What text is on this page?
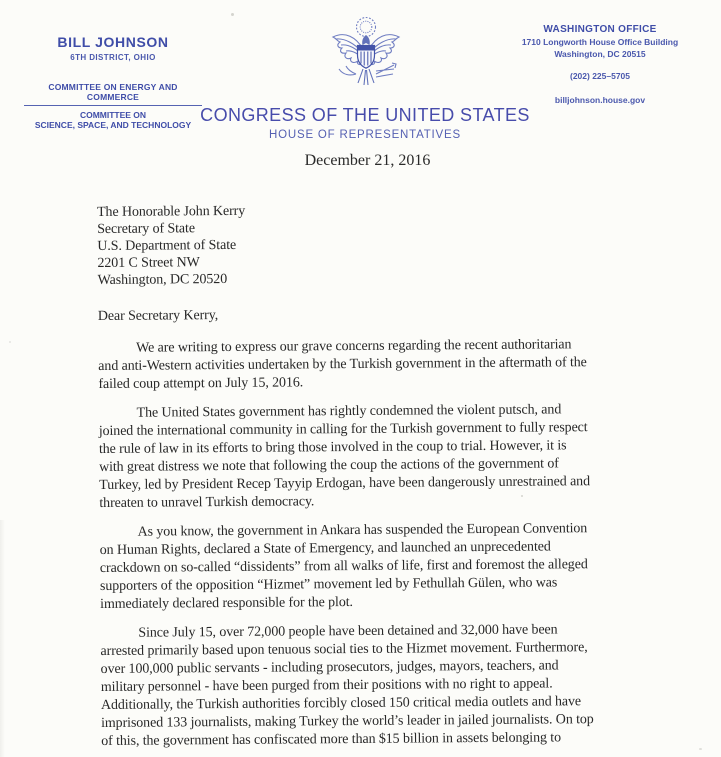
BILL JOHNSON
6TH DISTRICT, OHIO
COMMITTEE ON ENERGY AND COMMERCE
COMMITTEE ON
SCIENCE, SPACE, AND TECHNOLOGY CONGRESS OF THE UNITED STATES
HOUSE OF REPRESENTATIVES
WASHINGTON OFFICE
1710 Longworth House Office Building
Washington, DC 20515
(202) 225–5705
billjohnson.house.gov
December 21, 2016
The Honorable John Kerry
Secretary of State
U.S. Department of State
2201 C Street NW
Washington, DC 20520
Dear Secretary Kerry,
We are writing to express our grave concerns regarding the recent authoritarian
and anti-Western activities undertaken by the Turkish government in the aftermath of the
failed coup attempt on July 15, 2016.
The United States government has rightly condemned the violent putsch, and
joined the international community in calling for the Turkish government to fully respect
the rule of law in its efforts to bring those involved in the coup to trial. However, it is
with great distress we note that following the coup the actions of the government of
Turkey, led by President Recep Tayyip Erdogan, have been dangerously unrestrained and
threaten to unravel Turkish democracy.
As you know, the government in Ankara has suspended the European Convention
on Human Rights, declared a State of Emergency, and launched an unprecedented
crackdown on so-called “dissidents” from all walks of life, first and foremost the alleged
supporters of the opposition “Hizmet” movement led by Fethullah Gülen, who was
immediately declared responsible for the plot.
Since July 15, over 72,000 people have been detained and 32,000 have been
arrested primarily based upon tenuous social ties to the Hizmet movement. Furthermore,
over 100,000 public servants - including prosecutors, judges, mayors, teachers, and
military personnel - have been purged from their positions with no right to appeal.
Additionally, the Turkish authorities forcibly closed 150 critical media outlets and have
imprisoned 133 journalists, making Turkey the world’s leader in jailed journalists. On top
of this, the government has confiscated more than $15 billion in assets belonging to
